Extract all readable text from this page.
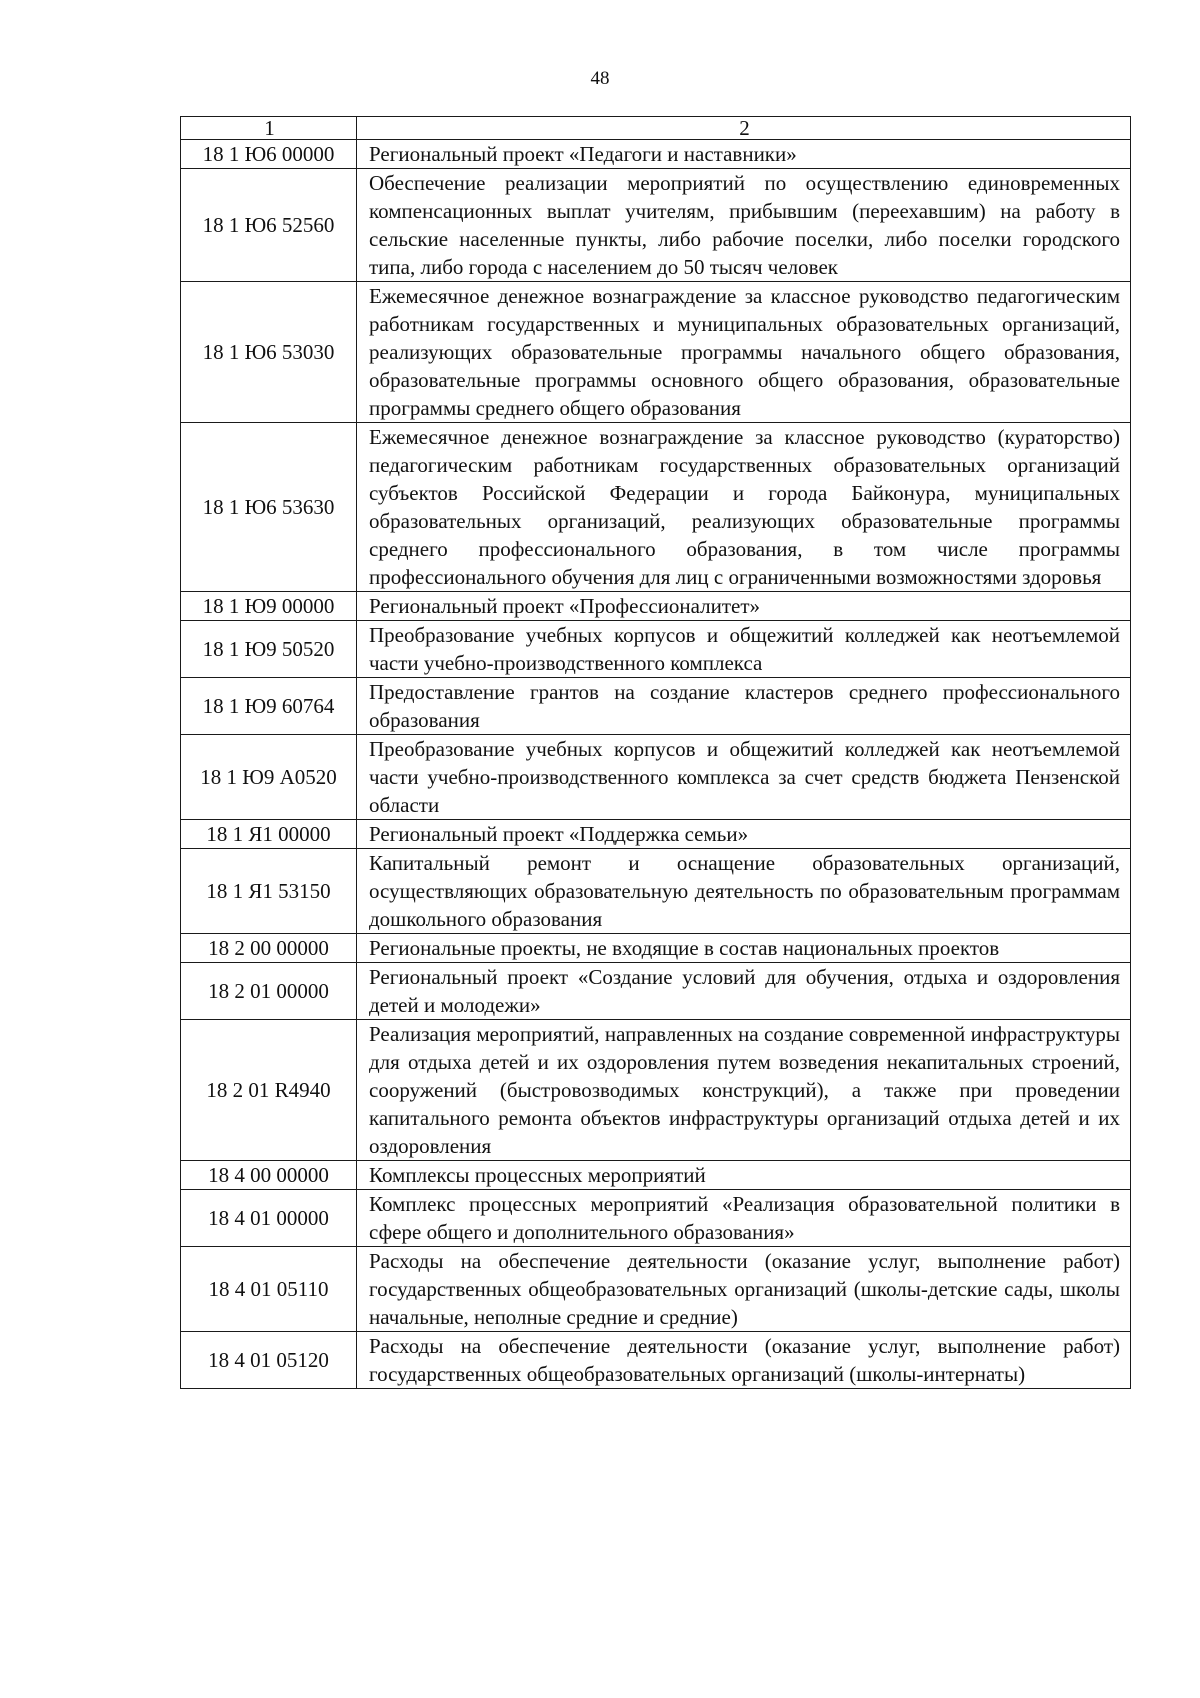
48
1	2
18 1 Ю6 00000	Региональный проект «Педагоги и наставники»
18 1 Ю6 52560	Обеспечение реализации мероприятий по осуществлению единовременных компенсационных выплат учителям, прибывшим (переехавшим) на работу в сельские населенные пункты, либо рабочие поселки, либо поселки городского типа, либо города с населением до 50 тысяч человек
18 1 Ю6 53030	Ежемесячное денежное вознаграждение за классное руководство педагогическим работникам государственных и муниципальных образовательных организаций, реализующих образовательные программы начального общего образования, образовательные программы основного общего образования, образовательные программы среднего общего образования
18 1 Ю6 53630	Ежемесячное денежное вознаграждение за классное руководство (кураторство) педагогическим работникам государственных образовательных организаций субъектов Российской Федерации и города Байконура, муниципальных образовательных организаций, реализующих образовательные программы среднего профессионального образования, в том числе программы профессионального обучения для лиц с ограниченными возможностями здоровья
18 1 Ю9 00000	Региональный проект «Профессионалитет»
18 1 Ю9 50520	Преобразование учебных корпусов и общежитий колледжей как неотъемлемой части учебно-производственного комплекса
18 1 Ю9 60764	Предоставление грантов на создание кластеров среднего профессионального образования
18 1 Ю9 А0520	Преобразование учебных корпусов и общежитий колледжей как неотъемлемой части учебно-производственного комплекса за счет средств бюджета Пензенской области
18 1 Я1 00000	Региональный проект «Поддержка семьи»
18 1 Я1 53150	Капитальный ремонт и оснащение образовательных организаций, осуществляющих образовательную деятельность по образовательным программам дошкольного образования
18 2 00 00000	Региональные проекты, не входящие в состав национальных проектов
18 2 01 00000	Региональный проект «Создание условий для обучения, отдыха и оздоровления детей и молодежи»
18 2 01 R4940	Реализация мероприятий, направленных на создание современной инфраструктуры для отдыха детей и их оздоровления путем возведения некапитальных строений, сооружений (быстровозводимых конструкций), а также при проведении капитального ремонта объектов инфраструктуры организаций отдыха детей и их оздоровления
18 4 00 00000	Комплексы процессных мероприятий
18 4 01 00000	Комплекс процессных мероприятий «Реализация образовательной политики в сфере общего и дополнительного образования»
18 4 01 05110	Расходы на обеспечение деятельности (оказание услуг, выполнение работ) государственных общеобразовательных организаций (школы-детские сады, школы начальные, неполные средние и средние)
18 4 01 05120	Расходы на обеспечение деятельности (оказание услуг, выполнение работ) государственных общеобразовательных организаций (школы-интернаты)
